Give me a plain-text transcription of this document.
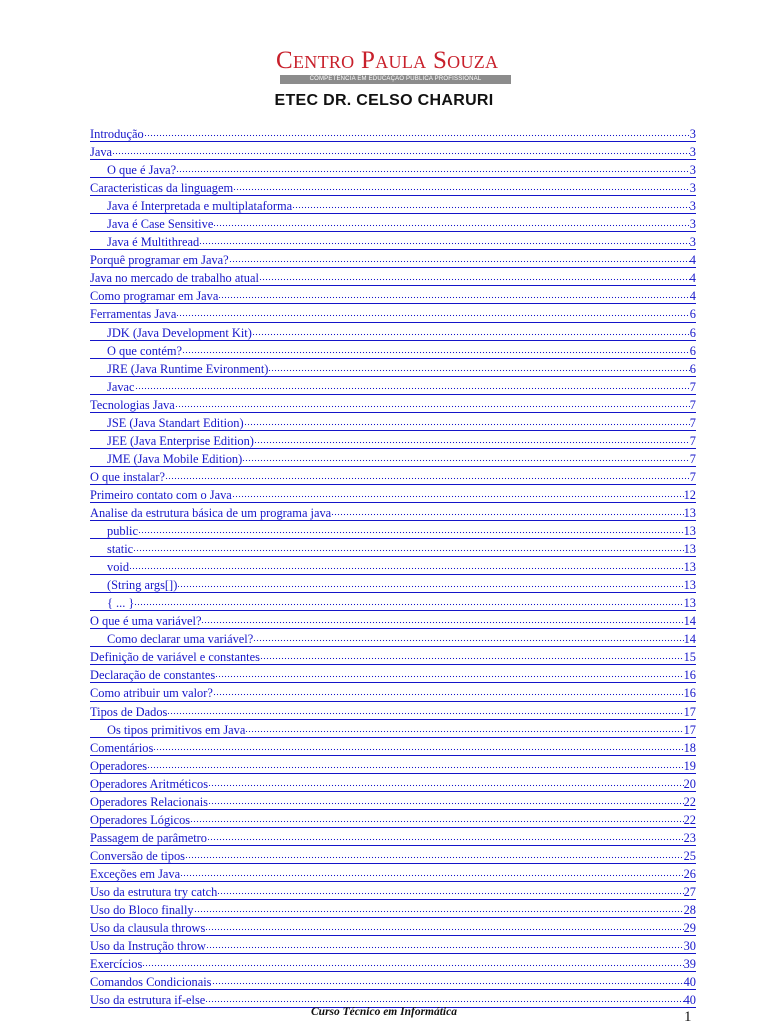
Centro Paula Souza
COMPETÊNCIA EM EDUCAÇÃO PÚBLICA PROFISSIONAL
ETEC DR. CELSO CHARURI
Introdução	3
Java	3
O que é Java?	3
Caracteristicas da linguagem	3
Java é Interpretada e multiplataforma	3
Java é Case Sensitive	3
Java é Multithread	3
Porquê programar em Java?	4
Java no mercado de trabalho atual	4
Como programar em Java	4
Ferramentas Java	6
JDK (Java Development Kit)	6
O que contém?	6
JRE (Java Runtime Evironment)	6
Javac	7
Tecnologias Java	7
JSE (Java Standart Edition)	7
JEE (Java Enterprise Edition)	7
JME (Java Mobile Edition)	7
O que instalar?	7
Primeiro contato com o Java	12
Analise da estrutura básica de um programa java	13
public	13
static	13
void	13
(String args[])	13
{ ... }	13
O que é uma variável?	14
Como declarar uma variável?	14
Definição de variável e constantes	15
Declaração de constantes	16
Como atribuir um valor?	16
Tipos de Dados	17
Os tipos primitivos em Java	17
Comentários	18
Operadores	19
Operadores Aritméticos	20
Operadores Relacionais	22
Operadores Lógicos	22
Passagem de parâmetro	23
Conversão de tipos	25
Exceções em Java	26
Uso da estrutura try catch	27
Uso do Bloco finally	28
Uso da clausula throws	29
Uso da Instrução throw	30
Exercícios	39
Comandos Condicionais	40
Uso da estrutura if-else	40
Curso Técnico em Informática	1
